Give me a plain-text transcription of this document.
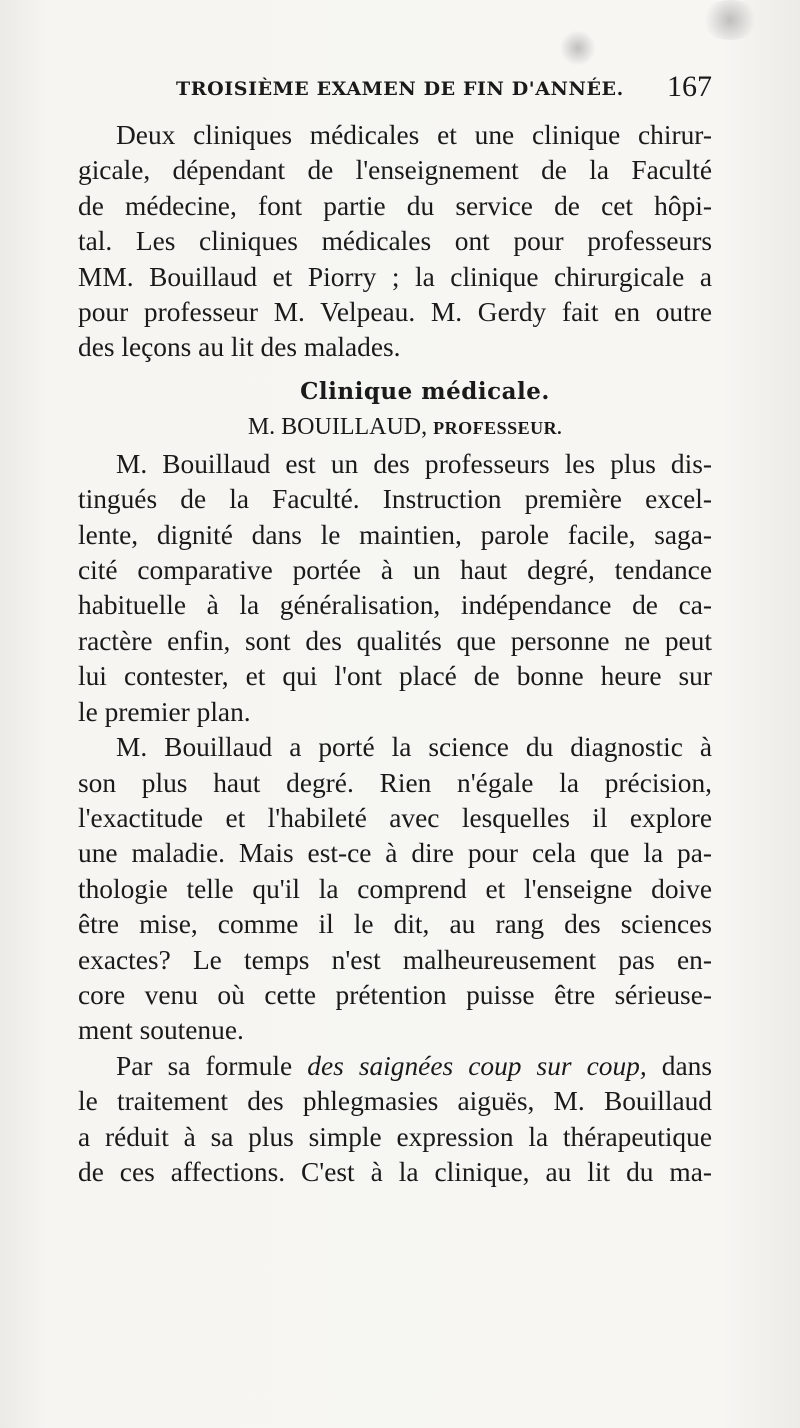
TROISIÈME EXAMEN DE FIN D'ANNÉE. 167
Deux cliniques médicales et une clinique chirur-
gicale, dépendant de l'enseignement de la Faculté
de médecine, font partie du service de cet hôpi-
tal. Les cliniques médicales ont pour professeurs
MM. Bouillaud et Piorry ; la clinique chirurgicale a
pour professeur M. Velpeau. M. Gerdy fait en outre
des leçons au lit des malades.
Clinique médicale.
M. BOUILLAUD, PROFESSEUR.
M. Bouillaud est un des professeurs les plus dis-
tingués de la Faculté. Instruction première excel-
lente, dignité dans le maintien, parole facile, saga-
cité comparative portée à un haut degré, tendance
habituelle à la généralisation, indépendance de ca-
ractère enfin, sont des qualités que personne ne peut
lui contester, et qui l'ont placé de bonne heure sur
le premier plan.
M. Bouillaud a porté la science du diagnostic à
son plus haut degré. Rien n'égale la précision,
l'exactitude et l'habileté avec lesquelles il explore
une maladie. Mais est-ce à dire pour cela que la pa-
thologie telle qu'il la comprend et l'enseigne doive
être mise, comme il le dit, au rang des sciences
exactes? Le temps n'est malheureusement pas en-
core venu où cette prétention puisse être sérieuse-
ment soutenue.
Par sa formule des saignées coup sur coup, dans
le traitement des phlegmasies aiguës, M. Bouillaud
a réduit à sa plus simple expression la thérapeutique
de ces affections. C'est à la clinique, au lit du ma-
